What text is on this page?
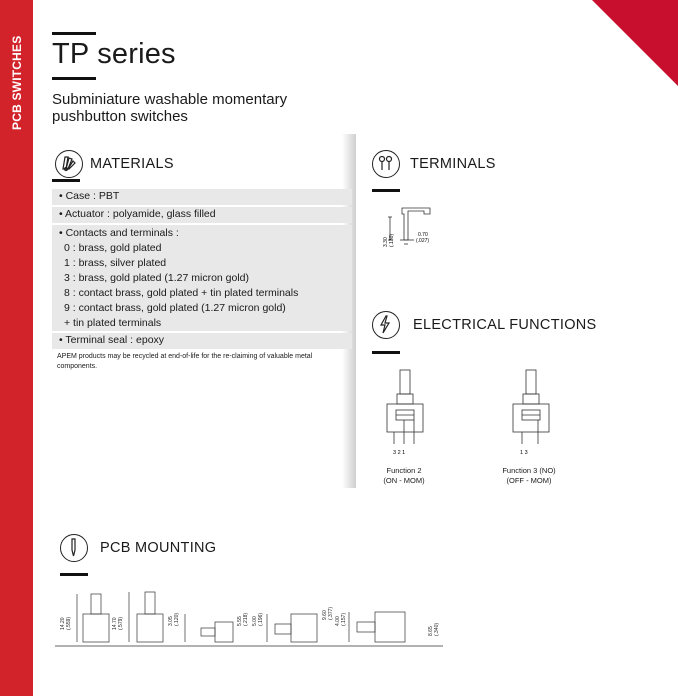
PCB SWITCHES TP series
Subminiature washable momentary
pushbutton switches
MATERIALS
• Case : PBT
• Actuator : polyamide, glass filled
• Contacts and terminals :
0 : brass, gold plated
1 : brass, silver plated
3 : brass, gold plated (1.27 micron gold)
8 : contact brass, gold plated + tin plated terminals
9 : contact brass, gold plated (1.27 micron gold)
+ tin plated terminals
• Terminal seal : epoxy
APEM products may be recycled at end-of-life for the re-claiming of valuable metal
components.
TERMINALS
3.30 (.130)	0.70
(.027)
ELECTRICAL FUNCTIONS
3 2 1
Function 2
(ON - MOM)
1 3
Function 3 (NO)
(OFF - MOM)
PCB MOUNTING
14.20 (.559)	14.70 (.579)	3.05 (.120)	5.55 (.218) 5.00 (.196)	9.60 (.377)
4.00 (.157)
8.65 (.340)
